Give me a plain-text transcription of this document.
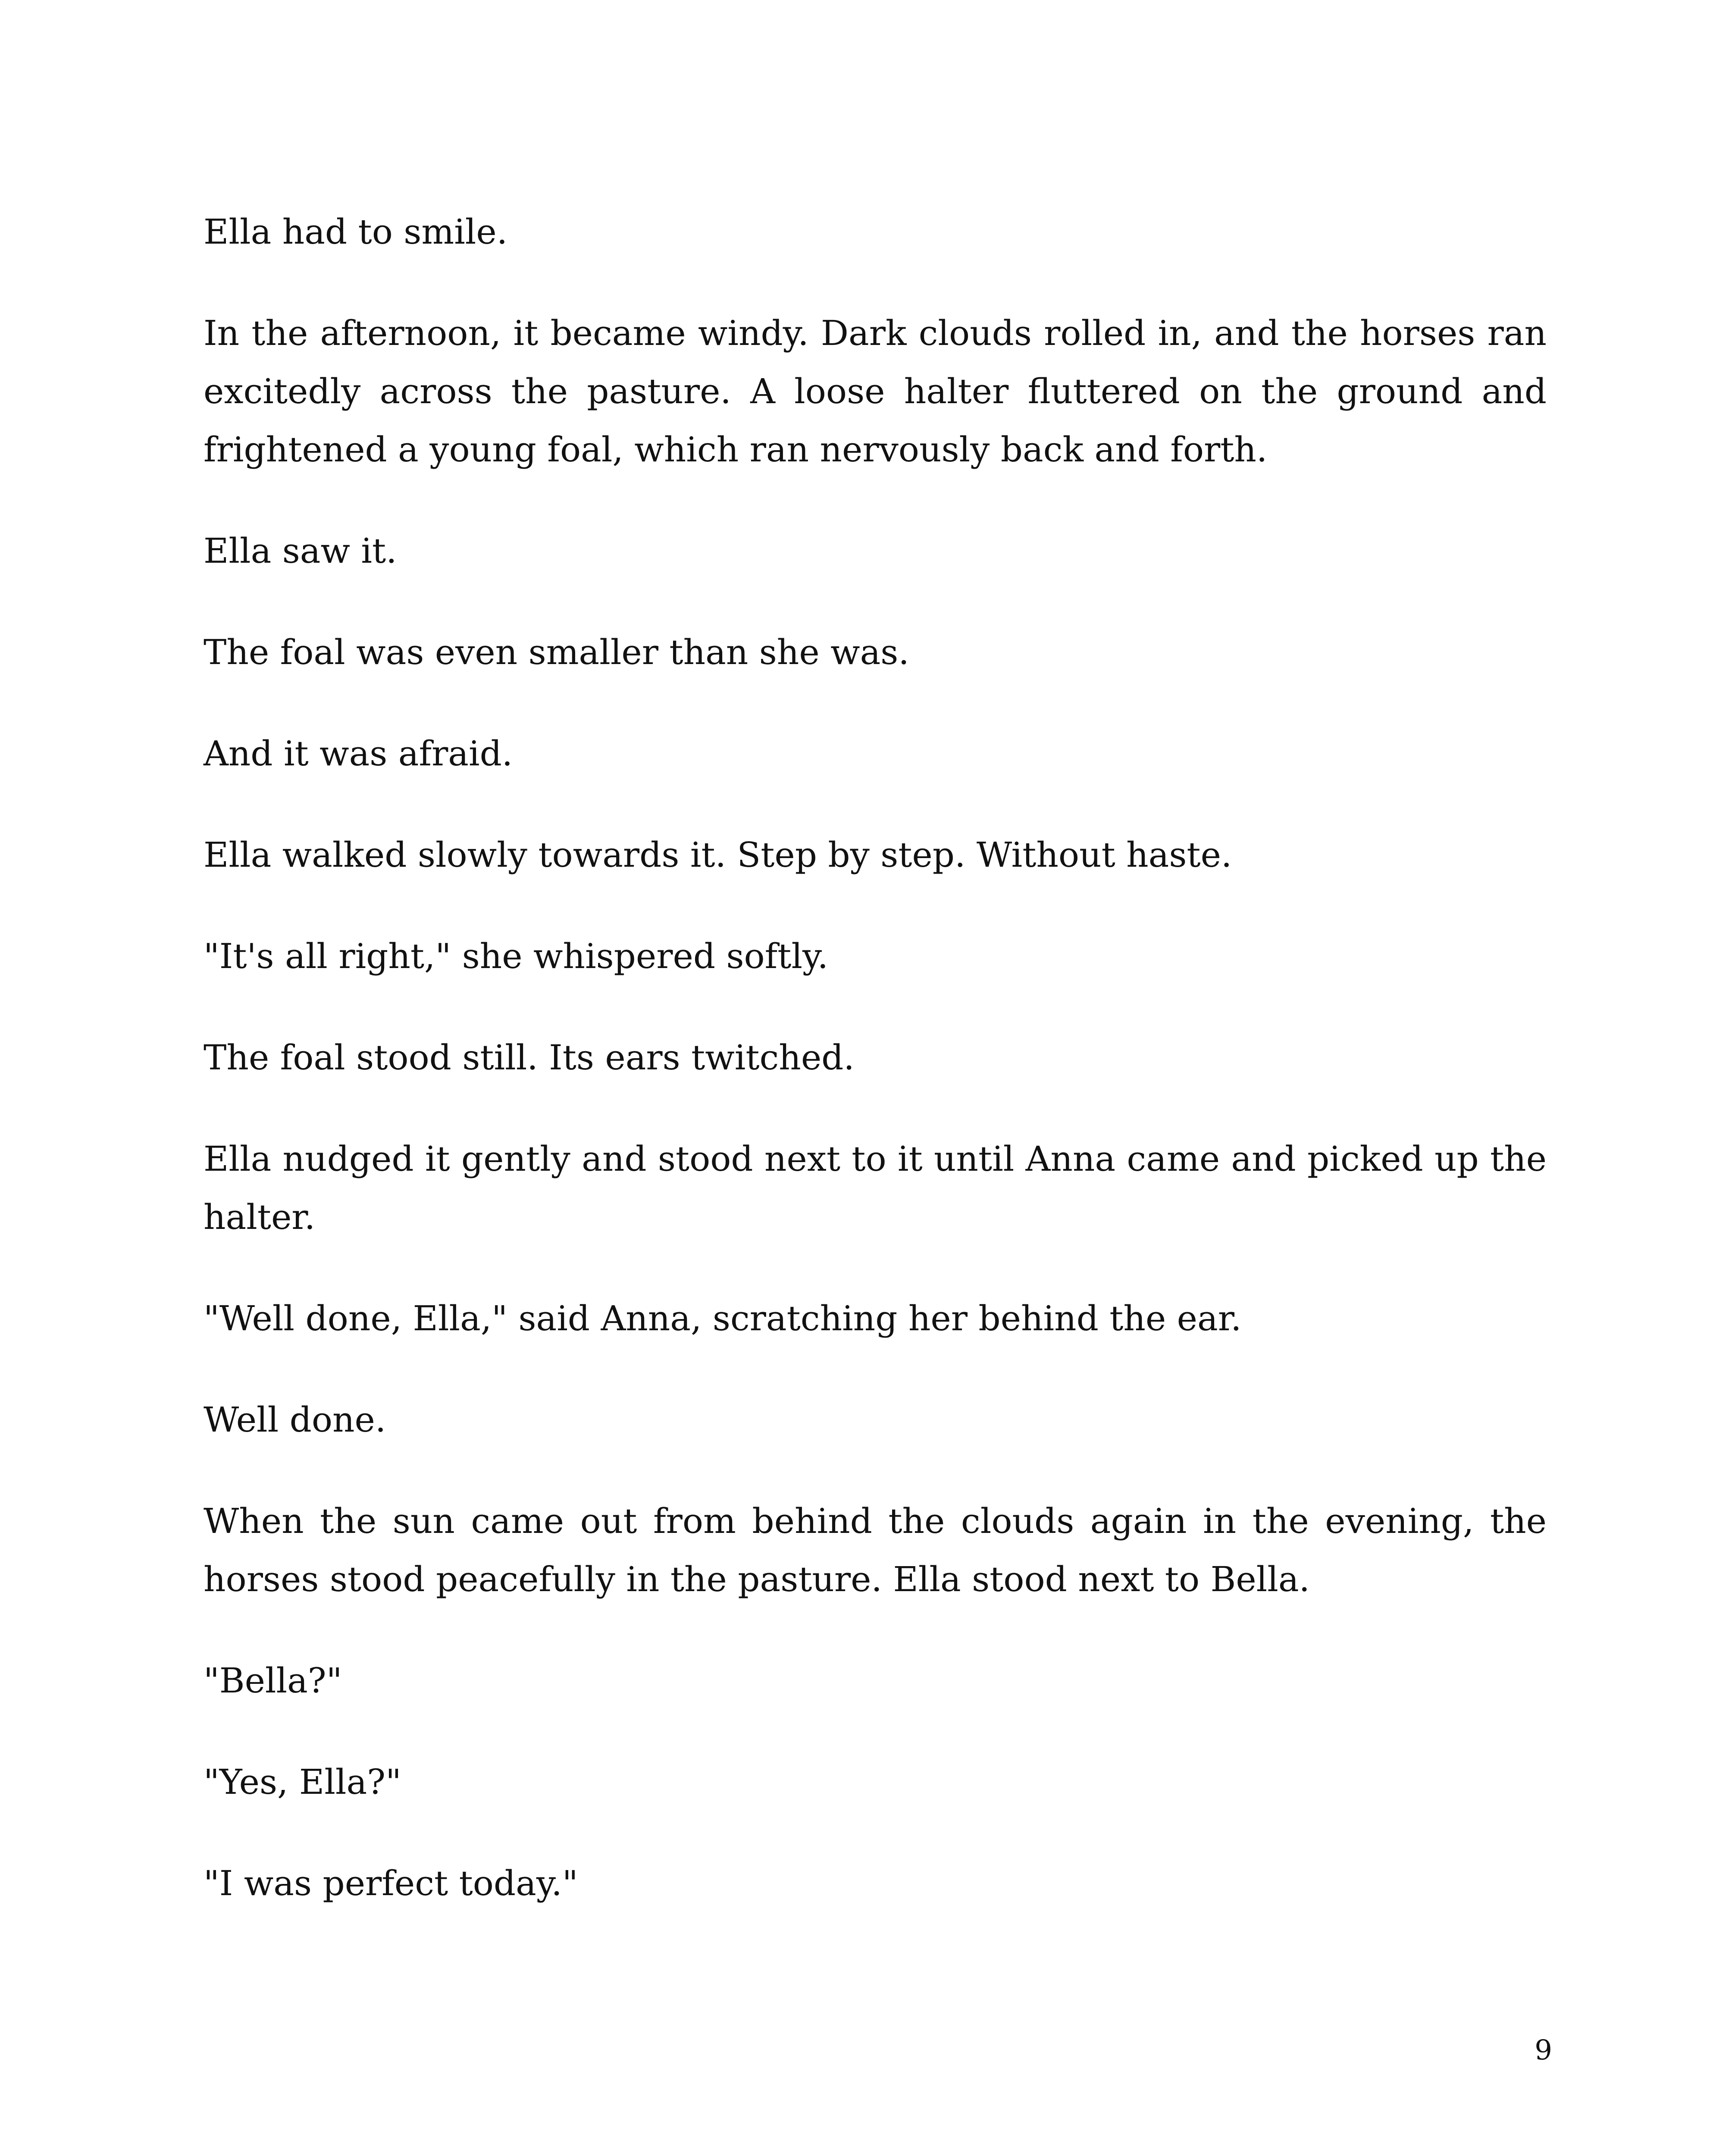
Ella had to smile.

In the afternoon, it became windy. Dark clouds rolled in, and the horses ran excitedly across the pasture. A loose halter fluttered on the ground and frightened a young foal, which ran nervously back and forth.

Ella saw it.

The foal was even smaller than she was.

And it was afraid.

Ella walked slowly towards it. Step by step. Without haste.

"It's all right," she whispered softly.

The foal stood still. Its ears twitched.

Ella nudged it gently and stood next to it until Anna came and picked up the halter.

"Well done, Ella," said Anna, scratching her behind the ear.

Well done.

When the sun came out from behind the clouds again in the evening, the horses stood peacefully in the pasture. Ella stood next to Bella.

"Bella?"

"Yes, Ella?"

"I was perfect today."

9
